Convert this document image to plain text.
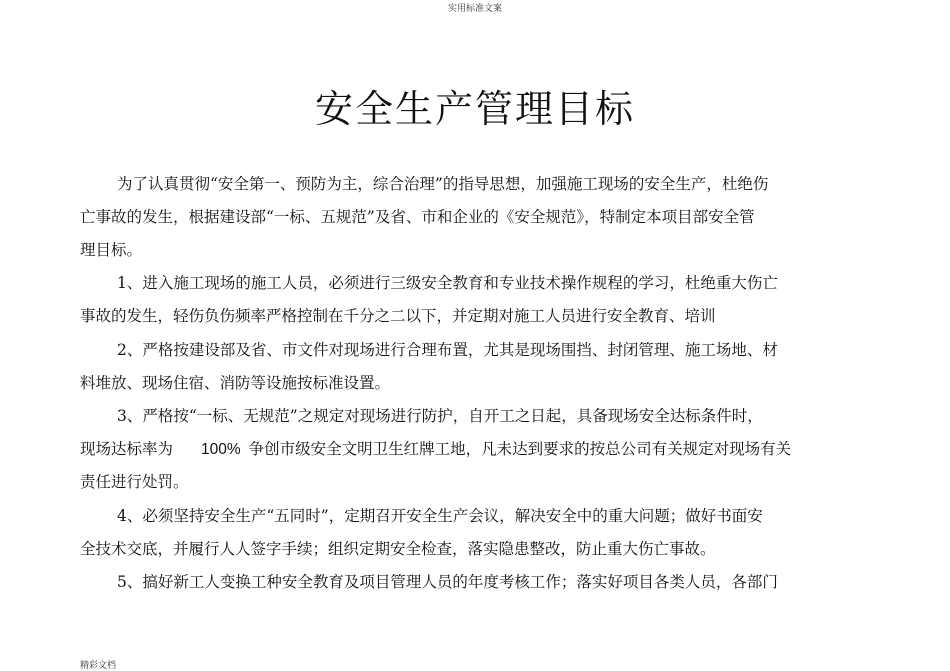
实用标准文案
安全生产管理目标
为了认真贯彻“安全第一、预防为主，综合治理”的指导思想，加强施工现场的安全生产，杜绝伤
亡事故的发生，根据建设部“一标、五规范”及省、市和企业的《安全规范》，特制定本项目部安全管
理目标。
1、进入施工现场的施工人员，必须进行三级安全教育和专业技术操作规程的学习，杜绝重大伤亡
事故的发生，轻伤负伤频率严格控制在千分之二以下，并定期对施工人员进行安全教育、培训
2、严格按建设部及省、市文件对现场进行合理布置，尤其是现场围挡、封闭管理、施工场地、材
料堆放、现场住宿、消防等设施按标准设置。
3、严格按“一标、无规范”之规定对现场进行防护，自开工之日起，具备现场安全达标条件时，
现场达标率为 100% 争创市级安全文明卫生红牌工地，凡未达到要求的按总公司有关规定对现场有关
责任进行处罚。
4、必须坚持安全生产“五同时”，定期召开安全生产会议，解决安全中的重大问题；做好书面安
全技术交底，并履行人人签字手续；组织定期安全检查，落实隐患整改，防止重大伤亡事故。
5、搞好新工人变换工种安全教育及项目管理人员的年度考核工作；落实好项目各类人员，各部门
精彩文档
